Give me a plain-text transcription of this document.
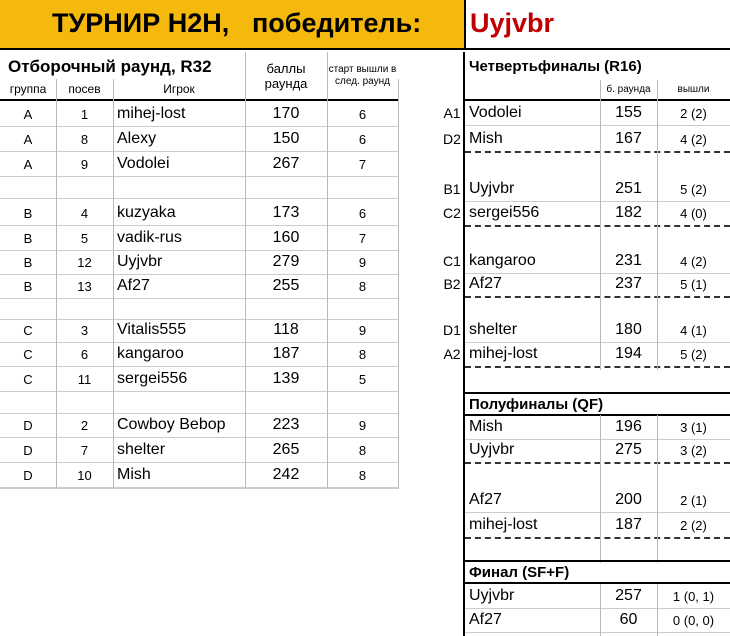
ТУРНИР Н2Н, победитель: Uyjvbr
Отборочный раунд, R32
группа	посев	Игрок
баллы раунда
старт вышли в след. раунд
A	1	mihej-lost	170	6
A	8	Alexy	150	6
A	9	Vodolei	267	7
B	4	kuzyaka	173	6
B	5	vadik-rus	160	7
B	12	Uyjvbr	279	9
B	13	Af27	255	8
C	3	Vitalis555	118	9
C	6	kangaroo	187	8
C	11	sergei556	139	5
D	2	Cowboy Bebop	223	9
D	7	shelter	265	8
D	10	Mish	242	8
Четвертьфиналы (R16)
б. раунда	вышли
A1 Vodolei	155	2 (2)
D2 Mish	167	4 (2)
B1 Uyjvbr	251	5 (2)
C2 sergei556	182	4 (0)
C1 kangaroo	231	4 (2)
B2 Af27	237	5 (1)
D1 shelter	180	4 (1)
A2 mihej-lost	194	5 (2)
Полуфиналы (QF)
Mish	196	3 (1)
Uyjvbr	275	3 (2)
Af27	200	2 (1)
mihej-lost	187	2 (2)
Финал (SF+F)
Uyjvbr	257	1 (0, 1)
Af27	60	0 (0, 0)
